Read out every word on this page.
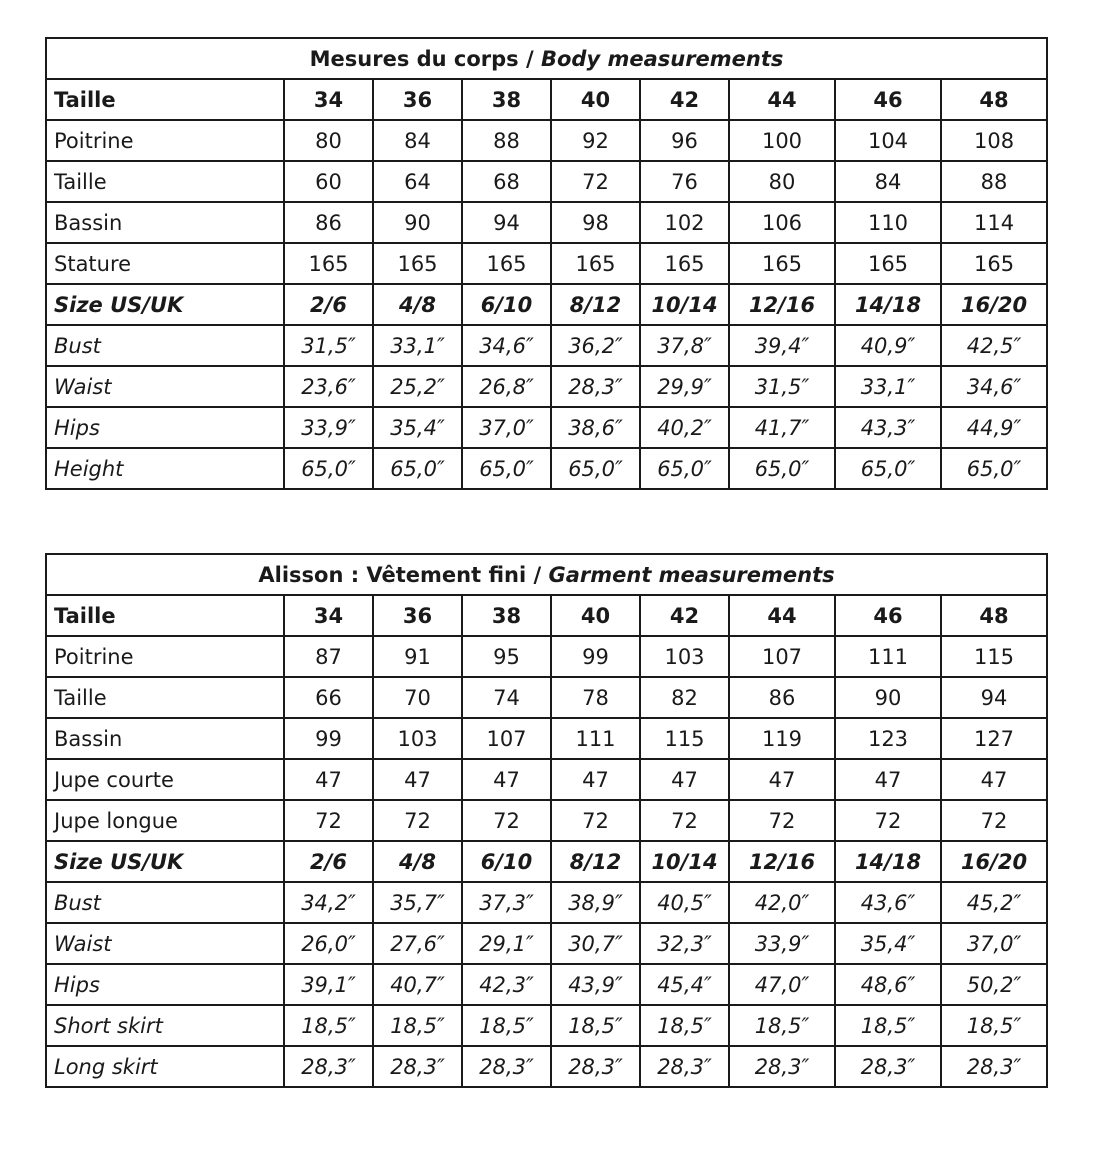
Mesures du corps / Body measurements								
Taille	34	36	38	40	42	44	46	48
Poitrine	80	84	88	92	96	100	104	108
Taille	60	64	68	72	76	80	84	88
Bassin	86	90	94	98	102	106	110	114
Stature	165	165	165	165	165	165	165	165
Size US/UK	2/6	4/8	6/10	8/12	10/14	12/16	14/18	16/20
Bust	31,5″	33,1″	34,6″	36,2″	37,8″	39,4″	40,9″	42,5″
Waist	23,6″	25,2″	26,8″	28,3″	29,9″	31,5″	33,1″	34,6″
Hips	33,9″	35,4″	37,0″	38,6″	40,2″	41,7″	43,3″	44,9″
Height	65,0″	65,0″	65,0″	65,0″	65,0″	65,0″	65,0″	65,0″
Alisson : Vêtement fini / Garment measurements								
Taille	34	36	38	40	42	44	46	48
Poitrine	87	91	95	99	103	107	111	115
Taille	66	70	74	78	82	86	90	94
Bassin	99	103	107	111	115	119	123	127
Jupe courte	47	47	47	47	47	47	47	47
Jupe longue	72	72	72	72	72	72	72	72
Size US/UK	2/6	4/8	6/10	8/12	10/14	12/16	14/18	16/20
Bust	34,2″	35,7″	37,3″	38,9″	40,5″	42,0″	43,6″	45,2″
Waist	26,0″	27,6″	29,1″	30,7″	32,3″	33,9″	35,4″	37,0″
Hips	39,1″	40,7″	42,3″	43,9″	45,4″	47,0″	48,6″	50,2″
Short skirt	18,5″	18,5″	18,5″	18,5″	18,5″	18,5″	18,5″	18,5″
Long skirt	28,3″	28,3″	28,3″	28,3″	28,3″	28,3″	28,3″	28,3″
